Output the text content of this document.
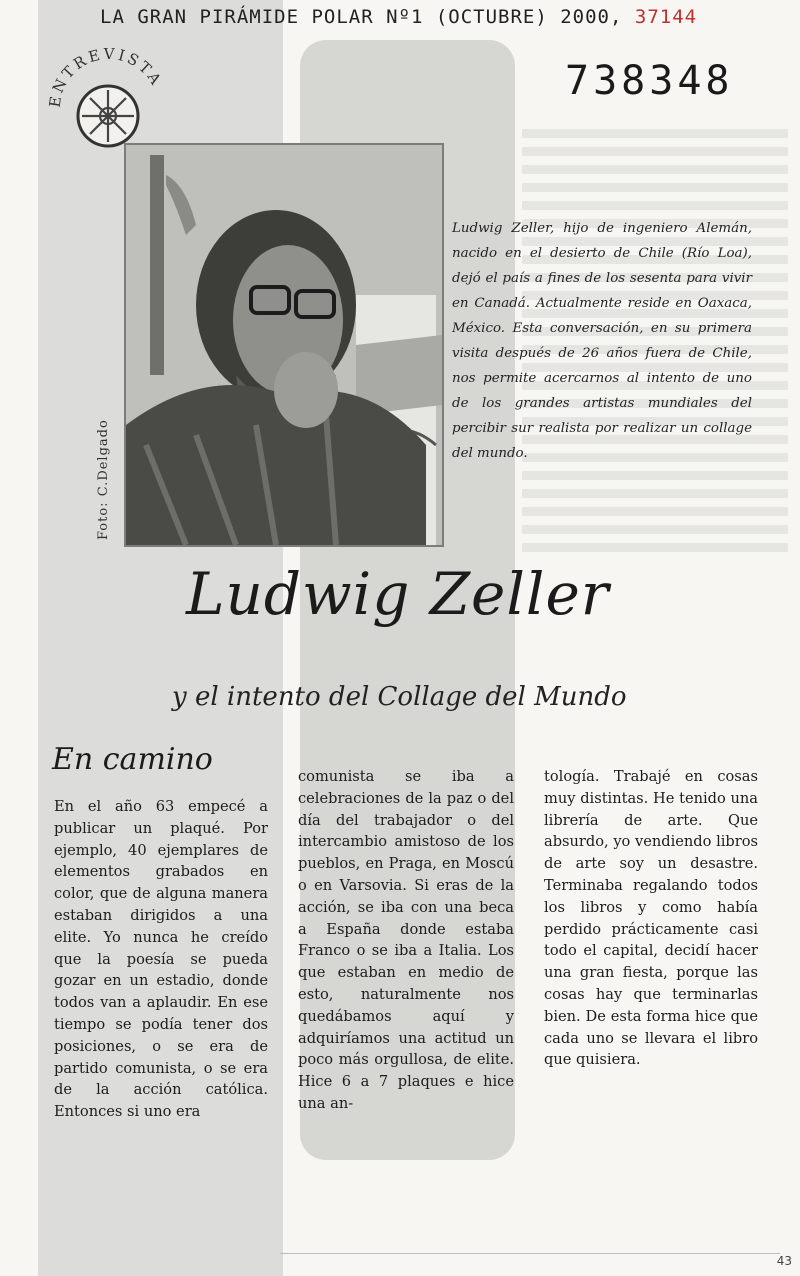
LA GRAN PIRÁMIDE POLAR Nº1 (OCTUBRE) 2000, 37144
738348
ENTREVISTA
Foto: C.Delgado
Ludwig Zeller, hijo de ingeniero Alemán, nacido en el desierto de Chile (Río Loa), dejó el país a fines de los sesenta para vivir en Canadá. Actualmente reside en Oaxaca, México. Esta conversación, en su primera visita después de 26 años fuera de Chile, nos permite acercarnos al intento de uno de los grandes artistas mundiales del percibir sur realista por realizar un collage del mundo.
Ludwig Zeller
y el intento del Collage del Mundo
En camino
En el año 63 empecé a publicar un plaqué. Por ejemplo, 40 ejemplares de elementos grabados en color, que de alguna manera estaban dirigidos a una elite. Yo nunca he creído que la poesía se pueda gozar en un estadio, donde todos van a aplaudir. En ese tiempo se podía tener dos posiciones, o se era de partido comunista, o se era de la acción católica. Entonces si uno era
comunista se iba a celebraciones de la paz o del día del trabajador o del intercambio amistoso de los pueblos, en Praga, en Moscú o en Varsovia. Si eras de la acción, se iba con una beca a España donde estaba Franco o se iba a Italia. Los que estaban en medio de esto, naturalmente nos quedábamos aquí y adquiríamos una actitud un poco más orgullosa, de elite. Hice 6 a 7 plaques e hice una an-
tología. Trabajé en cosas muy distintas. He tenido una librería de arte. Que absurdo, yo vendiendo libros de arte soy un desastre. Terminaba regalando todos los libros y como había perdido prácticamente casi todo el capital, decidí hacer una gran fiesta, porque las cosas hay que terminarlas bien. De esta forma hice que cada uno se llevara el libro que quisiera.
43
